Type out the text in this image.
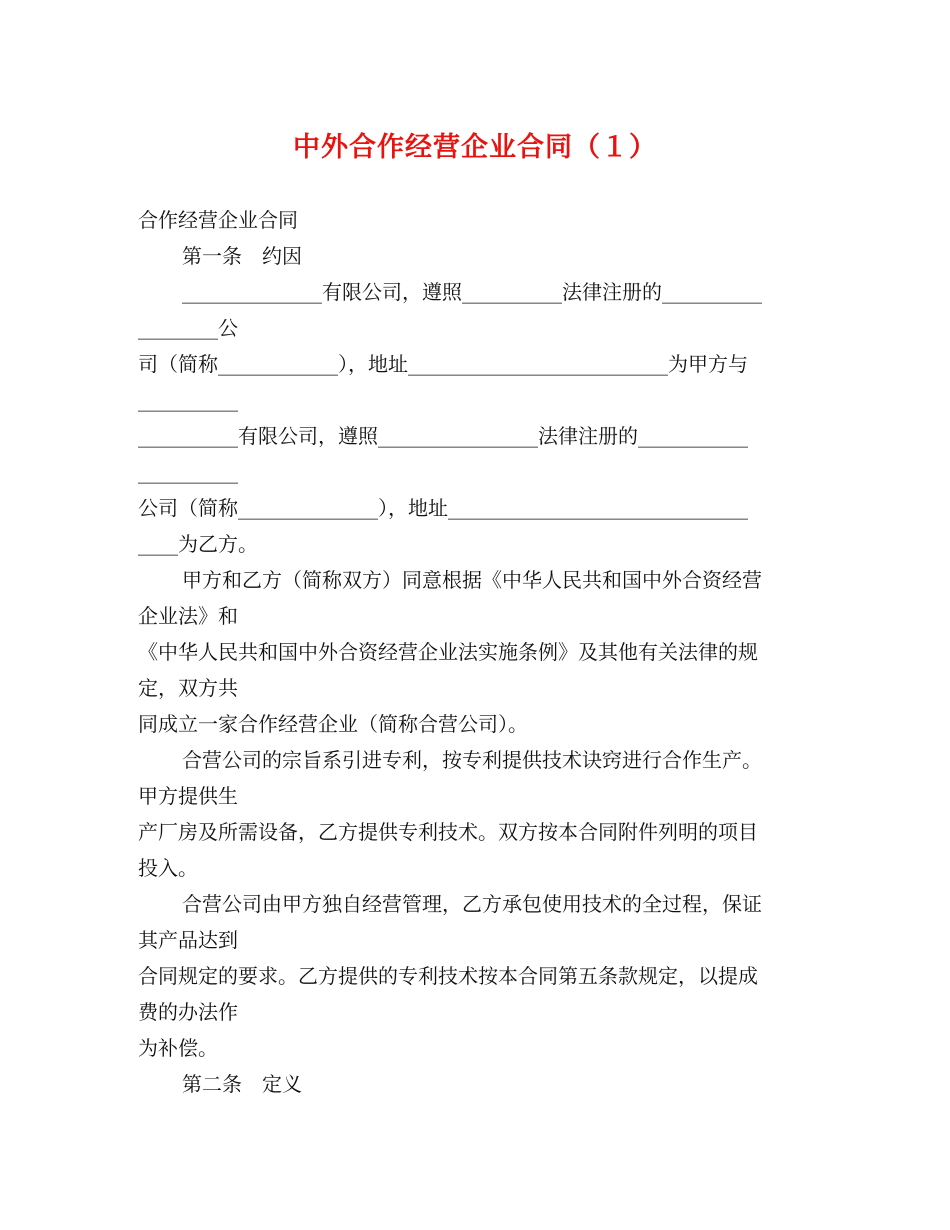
中外合作经营企业合同（１）
合作经营企业合同
第一条　约因
______________有限公司，遵照__________法律注册的__________
________公
司（简称____________），地址__________________________为甲方与
__________
__________有限公司，遵照________________法律注册的___________
__________
公司（简称______________），地址______________________________
____为乙方。
甲方和乙方（简称双方）同意根据《中华人民共和国中外合资经营
企业法》和
《中华人民共和国中外合资经营企业法实施条例》及其他有关法律的规
定，双方共
同成立一家合作经营企业（简称合营公司）。
合营公司的宗旨系引进专利，按专利提供技术诀窍进行合作生产。
甲方提供生
产厂房及所需设备，乙方提供专利技术。双方按本合同附件列明的项目
投入。
合营公司由甲方独自经营管理，乙方承包使用技术的全过程，保证
其产品达到
合同规定的要求。乙方提供的专利技术按本合同第五条款规定，以提成
费的办法作
为补偿。
第二条　定义
